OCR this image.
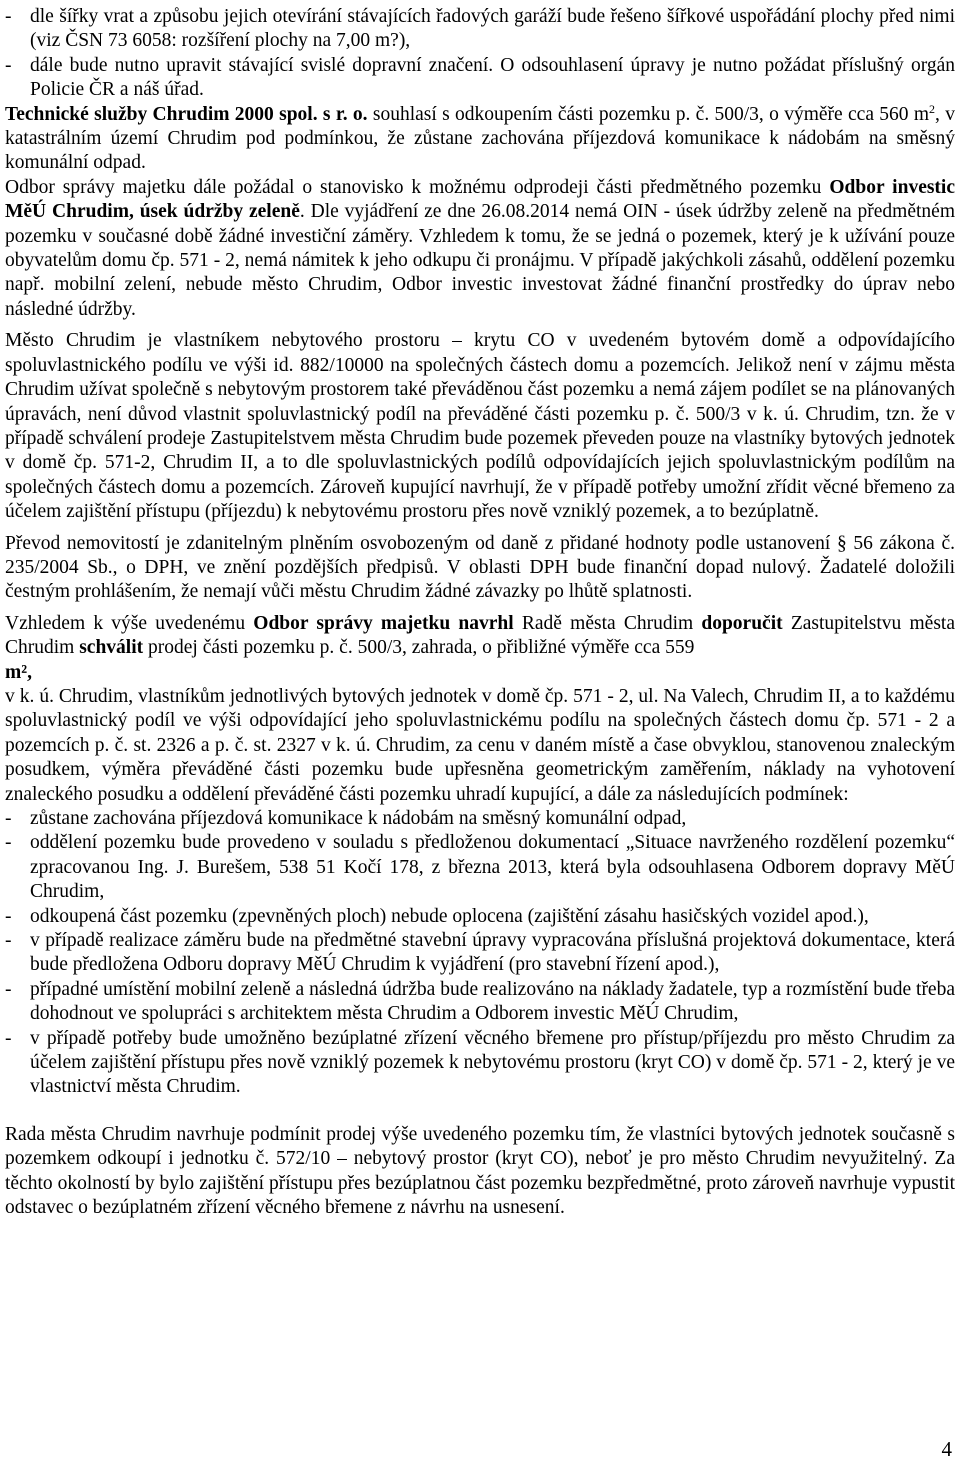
- dle šířky vrat a způsobu jejich otevírání stávajících řadových garáží bude řešeno šířkové uspořádání plochy před nimi (viz ČSN 73 6058: rozšíření plochy na 7,00 m?),
- dále bude nutno upravit stávající svislé dopravní značení. O odsouhlasení úpravy je nutno požádat příslušný orgán Policie ČR a náš úřad.

Technické služby Chrudim 2000 spol. s r. o. souhlasí s odkoupením části pozemku p. č. 500/3, o výměře cca 560 $m^2$, v katastrálním území Chrudim pod podmínkou, že zůstane zachována příjezdová komunikace k nádobám na směsný komunální odpad.

Odbor správy majetku dále požádal o stanovisko k možnému odprodeji části předmětného pozemku Odbor investic MěÚ Chrudim, úsek údržby zeleně. Dle vyjádření ze dne 26.08.2014 nemá OIN - úsek údržby zeleně na předmětném pozemku v současné době žádné investiční záměry. Vzhledem k tomu, že se jedná o pozemek, který je k užívání pouze obyvatelům domu čp. 571 - 2, nemá námitek k jeho odkupu či pronájmu. V případě jakýchkoli zásahů, oddělení pozemku např. mobilní zelení, nebude město Chrudim, Odbor investic investovat žádné finanční prostředky do úprav nebo následné údržby.

Město Chrudim je vlastníkem nebytového prostoru – krytu CO v uvedeném bytovém domě a odpovídajícího spoluvlastnického podílu ve výši id. 882/10000 na společných částech domu a pozemcích. Jelikož není v zájmu města Chrudim užívat společně s nebytovým prostorem také převáděnou část pozemku a nemá zájem podílet se na plánovaných úpravách, není důvod vlastnit spoluvlastnický podíl na převáděné části pozemku p. č. 500/3 v k. ú. Chrudim, tzn. že v případě schválení prodeje Zastupitelstvem města Chrudim bude pozemek převeden pouze na vlastníky bytových jednotek v domě čp. 571-2, Chrudim II, a to dle spoluvlastnických podílů odpovídajících jejich spoluvlastnickým podílům na společných částech domu a pozemcích. Zároveň kupující navrhují, že v případě potřeby umožní zřídit věcné břemeno za účelem zajištění přístupu (příjezdu) k nebytovému prostoru přes nově vzniklý pozemek, a to bezúplatně.

Převod nemovitostí je zdanitelným plněním osvobozeným od daně z přidané hodnoty podle ustanovení § 56 zákona č. 235/2004 Sb., o DPH, ve znění pozdějších předpisů. V oblasti DPH bude finanční dopad nulový. Žadatelé doložili čestným prohlášením, že nemají vůči městu Chrudim žádné závazky po lhůtě splatnosti.

Vzhledem k výše uvedenému Odbor správy majetku navrhl Radě města Chrudim doporučit Zastupitelstvu města Chrudim schválit prodej části pozemku p. č. 500/3, zahrada, o přibližné výměře cca 559
m²,

v k. ú. Chrudim, vlastníkům jednotlivých bytových jednotek v domě čp. 571 - 2, ul. Na Valech, Chrudim II, a to každému spoluvlastnický podíl ve výši odpovídající jeho spoluvlastnickému podílu na společných částech domu čp. 571 - 2 a pozemcích p. č. st. 2326 a p. č. st. 2327 v k. ú. Chrudim, za cenu v daném místě a čase obvyklou, stanovenou znaleckým posudkem, výměra převáděné části pozemku bude upřesněna geometrickým zaměřením, náklady na vyhotovení znaleckého posudku a oddělení převáděné části pozemku uhradí kupující, a dále za následujících podmínek:

- zůstane zachována příjezdová komunikace k nádobám na směsný komunální odpad,
- oddělení pozemku bude provedeno v souladu s předloženou dokumentací „Situace navrženého rozdělení pozemku“ zpracovanou Ing. J. Burešem, 538 51 Kočí 178, z března 2013, která byla odsouhlasena Odborem dopravy MěÚ Chrudim,
- odkoupená část pozemku (zpevněných ploch) nebude oplocena (zajištění zásahu hasičských vozidel apod.),
- v případě realizace záměru bude na předmětné stavební úpravy vypracována příslušná projektová dokumentace, která bude předložena Odboru dopravy MěÚ Chrudim k vyjádření (pro stavební řízení apod.),
- případné umístění mobilní zeleně a následná údržba bude realizováno na náklady žadatele, typ a rozmístění bude třeba dohodnout ve spolupráci s architektem města Chrudim a Odborem investic MěÚ Chrudim,
- v případě potřeby bude umožněno bezúplatné zřízení věcného břemene pro přístup/příjezdu pro město Chrudim za účelem zajištění přístupu přes nově vzniklý pozemek k nebytovému prostoru (kryt CO) v domě čp. 571 - 2, který je ve vlastnictví města Chrudim.

Rada města Chrudim navrhuje podmínit prodej výše uvedeného pozemku tím, že vlastníci bytových jednotek současně s pozemkem odkoupí i jednotku č. 572/10 – nebytový prostor (kryt CO), neboť je pro město Chrudim nevyužitelný. Za těchto okolností by bylo zajištění přístupu přes bezúplatnou část pozemku bezpředmětné, proto zároveň navrhuje vypustit odstavec o bezúplatném zřízení věcného břemene z návrhu na usnesení.

4
